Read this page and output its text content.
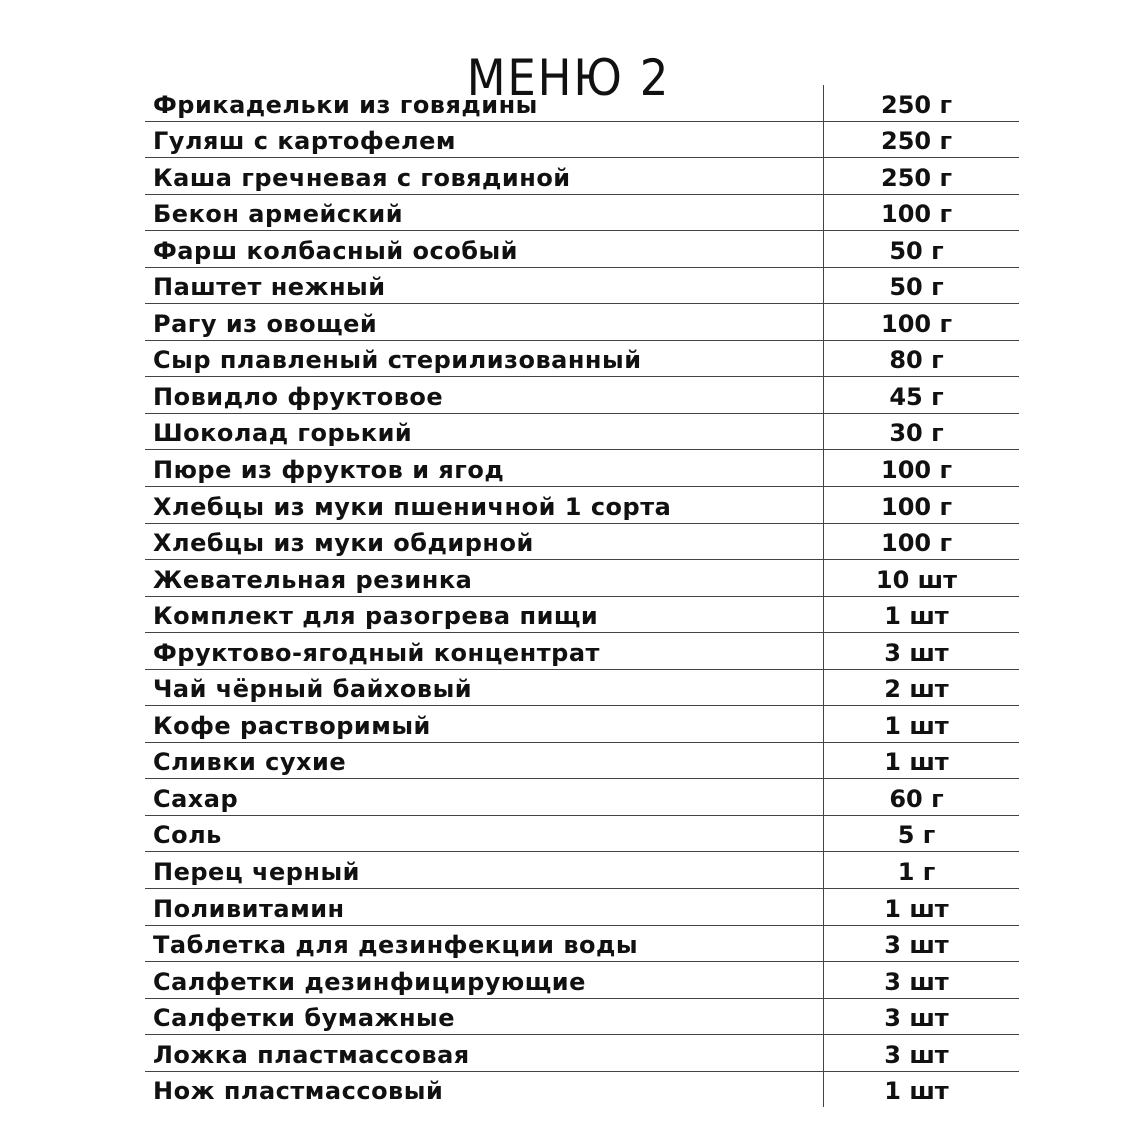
МЕНЮ 2
Фрикадельки из говядины	250 г
Гуляш с картофелем	250 г
Каша гречневая с говядиной	250 г
Бекон армейский	100 г
Фарш колбасный особый	50 г
Паштет нежный	50 г
Рагу из овощей	100 г
Сыр плавленый стерилизованный	80 г
Повидло фруктовое	45 г
Шоколад горький	30 г
Пюре из фруктов и ягод	100 г
Хлебцы из муки пшеничной 1 сорта	100 г
Хлебцы из муки обдирной	100 г
Жевательная резинка	10 шт
Комплект для разогрева пищи	1 шт
Фруктово-ягодный концентрат	3 шт
Чай чёрный байховый	2 шт
Кофе растворимый	1 шт
Сливки сухие	1 шт
Сахар	60 г
Соль	5 г
Перец черный	1 г
Поливитамин	1 шт
Таблетка для дезинфекции воды	3 шт
Салфетки дезинфицирующие	3 шт
Салфетки бумажные	3 шт
Ложка пластмассовая	3 шт
Нож пластмассовый	1 шт
